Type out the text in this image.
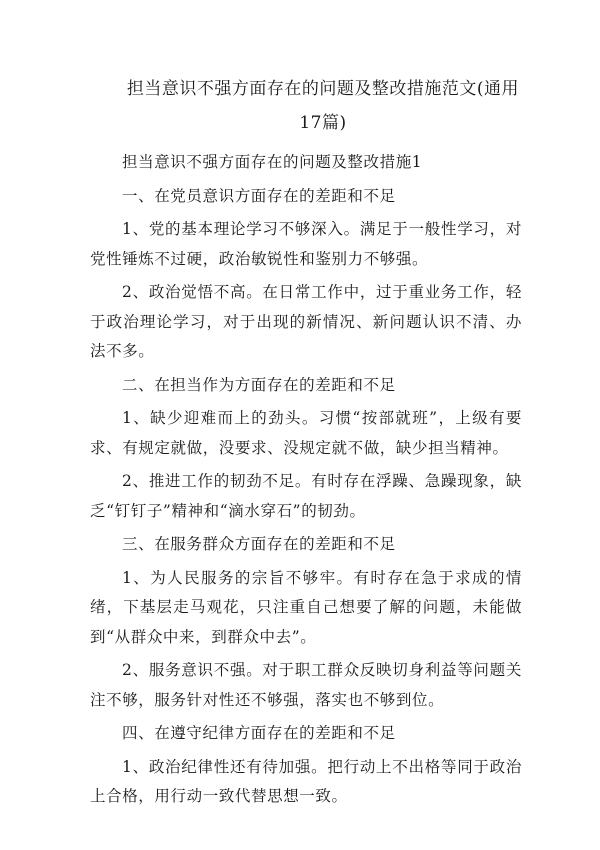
担当意识不强方面存在的问题及整改措施范文(通用17篇)

担当意识不强方面存在的问题及整改措施1

一、在党员意识方面存在的差距和不足

1、党的基本理论学习不够深入。满足于一般性学习，对党性锤炼不过硬，政治敏锐性和鉴别力不够强。

2、政治觉悟不高。在日常工作中，过于重业务工作，轻于政治理论学习，对于出现的新情况、新问题认识不清、办法不多。

二、在担当作为方面存在的差距和不足

1、缺少迎难而上的劲头。习惯“按部就班”，上级有要求、有规定就做，没要求、没规定就不做，缺少担当精神。

2、推进工作的韧劲不足。有时存在浮躁、急躁现象，缺乏“钉钉子”精神和“滴水穿石”的韧劲。

三、在服务群众方面存在的差距和不足

1、为人民服务的宗旨不够牢。有时存在急于求成的情绪，下基层走马观花，只注重自己想要了解的问题，未能做到“从群众中来，到群众中去”。

2、服务意识不强。对于职工群众反映切身利益等问题关注不够，服务针对性还不够强，落实也不够到位。

四、在遵守纪律方面存在的差距和不足

1、政治纪律性还有待加强。把行动上不出格等同于政治上合格，用行动一致代替思想一致。
